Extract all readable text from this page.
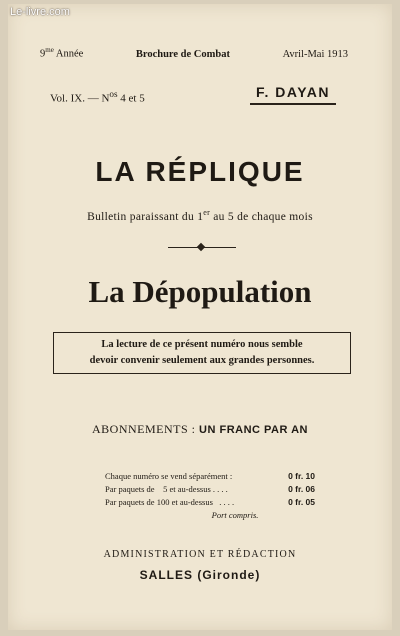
Le-livre.com
$9^{me}$ Année	Brochure de Combat	Avril-Mai 1913
Vol. IX. — $N^{os}$ 4 et 5	F. DAYAN
LA RÉPLIQUE
Bulletin paraissant du 1er au 5 de chaque mois
La Dépopulation
La lecture de ce présent numéro nous semble
devoir convenir seulement aux grandes personnes.
ABONNEMENTS : UN FRANC PAR AN
Chaque numéro se vend séparément :	0 fr. 10
Par paquets de    5 et au-dessus . . . .	0 fr. 06
Par paquets de 100 et au-dessus   . . . .	0 fr. 05
Port compris.
ADMINISTRATION ET RÉDACTION
SALLES (Gironde)
